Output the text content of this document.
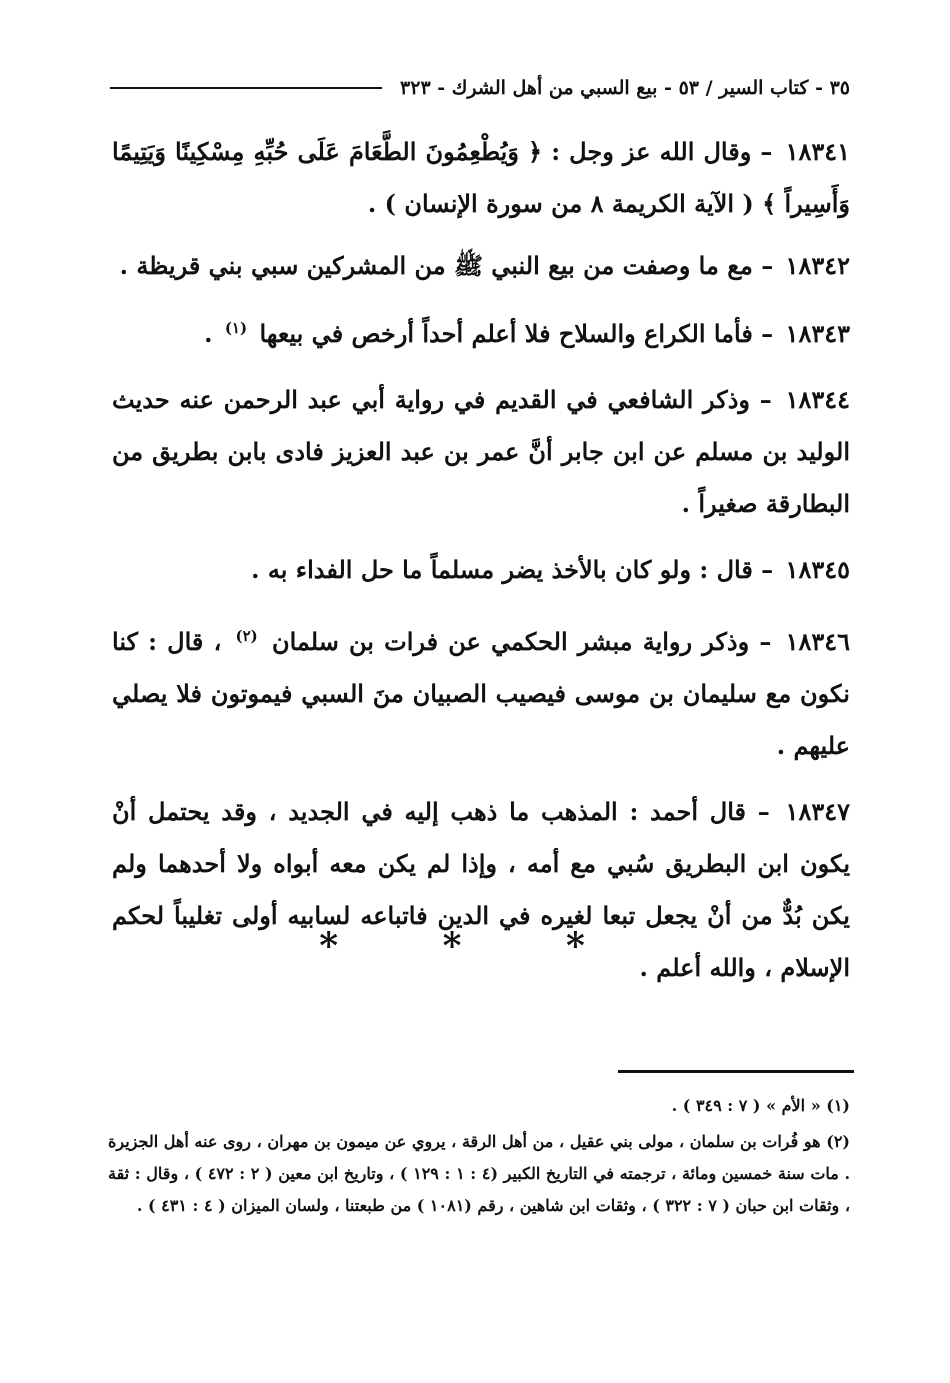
٣٥ - كتاب السير / ٥٣ - بيع السبي من أهل الشرك - ٣٢٣

١٨٣٤١ – وقال الله عز وجل : ﴿ وَيُطْعِمُونَ الطَّعَامَ عَلَى حُبِّهِ مِسْكِينًا وَيَتِيمًا وَأَسِيراً ﴾ ( الآية الكريمة ٨ من سورة الإنسان ) .

١٨٣٤٢ – مع ما وصفت من بيع النبي ﷺ من المشركين سبي بني قريظة .

١٨٣٤٣ – فأما الكراع والسلاح فلا أعلم أحداً أرخص في بيعها $^{(١)}$ .

١٨٣٤٤ – وذكر الشافعي في القديم في رواية أبي عبد الرحمن عنه حديث الوليد بن مسلم عن ابن جابر أنَّ عمر بن عبد العزيز فادى بابن بطريق من البطارقة صغيراً .

١٨٣٤٥ – قال : ولو كان بالأخذ يضر مسلماً ما حل الفداء به .

١٨٣٤٦ – وذكر رواية مبشر الحكمي عن فرات بن سلمان $^{(٢)}$ ، قال : كنا نكون مع سليمان بن موسى فيصيب الصبيان منَ السبي فيموتون فلا يصلي عليهم .

١٨٣٤٧ – قال أحمد : المذهب ما ذهب إليه في الجديد ، وقد يحتمل أنْ يكون ابن البطريق سُبي مع أمه ، وإذا لم يكن معه أبواه ولا أحدهما ولم يكن بُدٌّ من أنْ يجعل تبعا لغيره في الدين فاتباعه لسابيه أولى تغليباً لحكم الإسلام ، والله أعلم .

* * *

(١) « الأم » ( ٧ : ٣٤٩ ) .

(٢) هو فُرات بن سلمان ، مولى بني عقيل ، من أهل الرقة ، يروي عن ميمون بن مهران ، روى عنه أهل الجزيرة . مات سنة خمسين ومائة ، ترجمته في التاريخ الكبير (٤ : ١ : ١٢٩ ) ، وتاريخ ابن معين ( ٢ : ٤٧٢ ) ، وقال : ثقة ، وثقات ابن حبان ( ٧ : ٣٢٢ ) ، وثقات ابن شاهين ، رقم (١٠٨١ ) من طبعتنا ، ولسان الميزان ( ٤ : ٤٣١ ) .
